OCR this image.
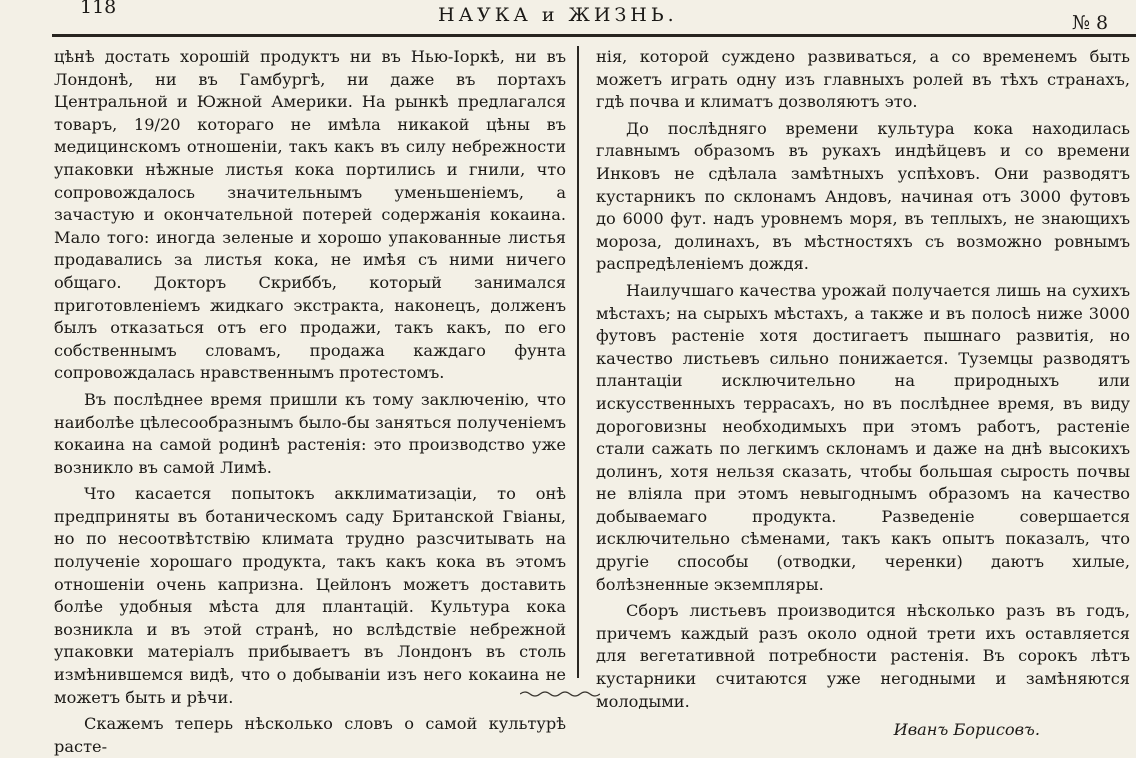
118	НАУКА и ЖИЗНЬ.	№ 8

цѣнѣ достать хорошій продуктъ ни въ Нью-Іоркѣ, ни въ Лондонѣ, ни въ Гамбургѣ, ни даже въ портахъ Центральной и Южной Америки. На рынкѣ предлагался товаръ, 19/20 котораго не имѣла никакой цѣны въ медицинскомъ отношеніи, такъ какъ въ силу небрежности упаковки нѣжные листья кока портились и гнили, что сопровождалось значительнымъ уменьшеніемъ, а зачастую и окончательной потерей содержанія кокаина. Мало того: иногда зеленые и хорошо упакованные листья продавались за листья кока, не имѣя съ ними ничего общаго. Докторъ Скриббъ, который занимался приготовленіемъ жидкаго экстракта, наконецъ, долженъ былъ отказаться отъ его продажи, такъ какъ, по его собственнымъ словамъ, продажа каждаго фунта сопровождалась нравственнымъ протестомъ.

Въ послѣднее время пришли къ тому заключенію, что наиболѣе цѣлесообразнымъ было-бы заняться полученіемъ кокаина на самой родинѣ растенія: это производство уже возникло въ самой Лимѣ.

Что касается попытокъ акклиматизаціи, то онѣ предприняты въ ботаническомъ саду Британской Гвіаны, но по несоотвѣтствію климата трудно разсчитывать на полученіе хорошаго продукта, такъ какъ кока въ этомъ отношеніи очень капризна. Цейлонъ можетъ доставить болѣе удобныя мѣста для плантацій. Культура кока возникла и въ этой странѣ, но вслѣдствіе небрежной упаковки матеріалъ прибываетъ въ Лондонъ въ столь измѣнившемся видѣ, что о добываніи изъ него кокаина не можетъ быть и рѣчи.

Скажемъ теперь нѣсколько словъ о самой культурѣ расте-

нія, которой суждено развиваться, а со временемъ быть можетъ играть одну изъ главныхъ ролей въ тѣхъ странахъ, гдѣ почва и климатъ дозволяютъ это.

До послѣдняго времени культура кока находилась главнымъ образомъ въ рукахъ индѣйцевъ и со времени Инковъ не сдѣлала замѣтныхъ успѣховъ. Они разводятъ кустарникъ по склонамъ Андовъ, начиная отъ 3000 футовъ до 6000 фут. надъ уровнемъ моря, въ теплыхъ, не знающихъ мороза, долинахъ, въ мѣстностяхъ съ возможно ровнымъ распредѣленіемъ дождя.

Наилучшаго качества урожай получается лишь на сухихъ мѣстахъ; на сырыхъ мѣстахъ, а также и въ полосѣ ниже 3000 футовъ растеніе хотя достигаетъ пышнаго развитія, но качество листьевъ сильно понижается. Туземцы разводятъ плантаціи исключительно на природныхъ или искусственныхъ террасахъ, но въ послѣднее время, въ виду дороговизны необходимыхъ при этомъ работъ, растеніе стали сажать по легкимъ склонамъ и даже на днѣ высокихъ долинъ, хотя нельзя сказать, чтобы большая сырость почвы не вліяла при этомъ невыгоднымъ образомъ на качество добываемаго продукта. Разведеніе совершается исключительно сѣменами, такъ какъ опытъ показалъ, что другіе способы (отводки, черенки) даютъ хилые, болѣзненные экземпляры.

Сборъ листьевъ производится нѣсколько разъ въ годъ, причемъ каждый разъ около одной трети ихъ оставляется для вегетативной потребности растенія. Въ сорокъ лѣтъ кустарники считаются уже негодными и замѣняются молодыми.

Иванъ Борисовъ.
